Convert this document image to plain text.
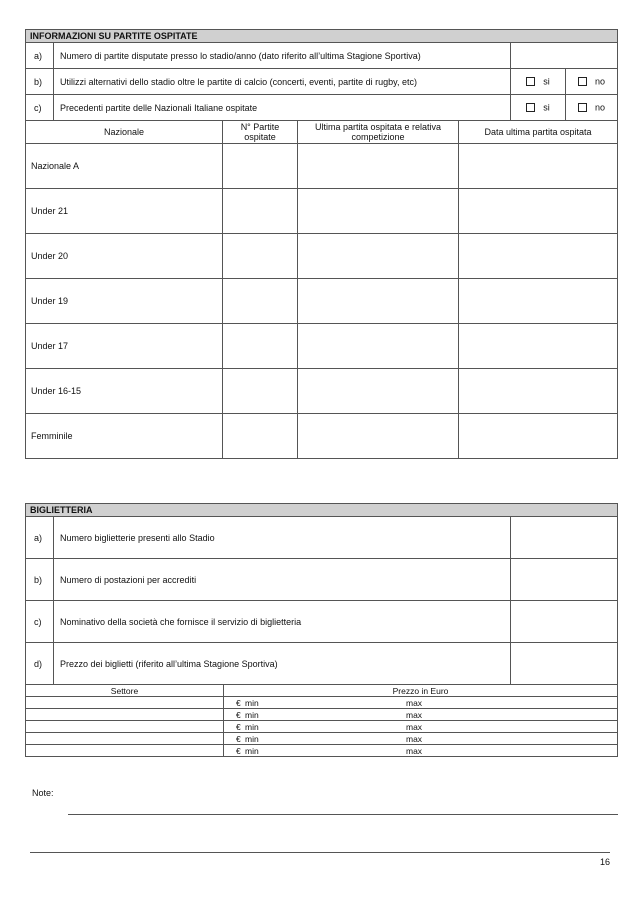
INFORMAZIONI SU PARTITE OSPITATE			
a)	Numero di partite disputate presso lo stadio/anno (dato riferito all’ultima Stagione Sportiva)		
b)	Utilizzi alternativi dello stadio oltre le partite di calcio (concerti, eventi, partite di rugby, etc)	si	no
c)	Precedenti partite delle Nazionali Italiane ospitate	si	no
Nazionale	N° Partite ospitate	Ultima partita ospitata e relativa competizione	Data ultima partita ospitata
Nazionale A			
Under 21			
Under 20			
Under 19			
Under 17			
Under 16-15			
Femminile			
BIGLIETTERIA		
a)	Numero biglietterie presenti allo Stadio	
b)	Numero di postazioni per accrediti	
c)	Nominativo della società che fornisce il servizio di biglietteria	
d)	Prezzo dei biglietti (riferito all’ultima Stagione Sportiva)	
Settore	Prezzo in Euro
	€ min max
	€ min max
	€ min max
	€ min max
	€ min max
Note:
16
